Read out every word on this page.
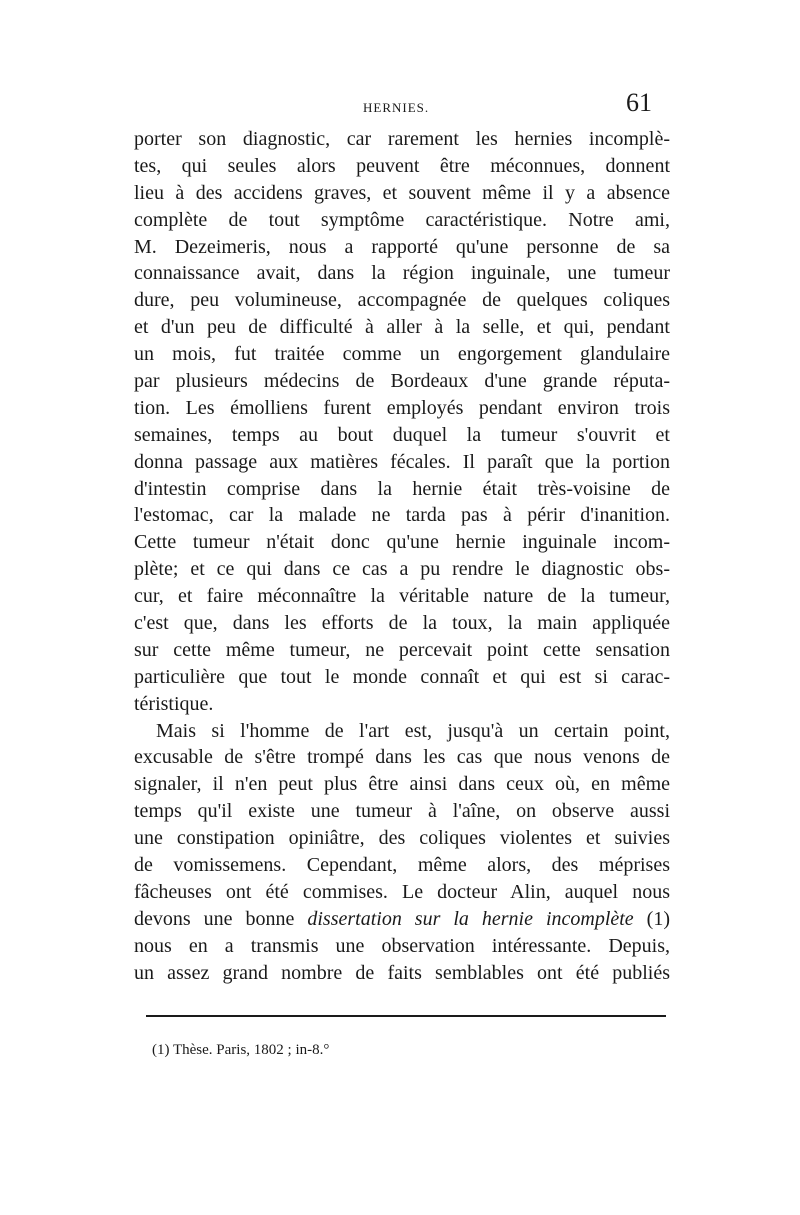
HERNIES.	61
porter son diagnostic, car rarement les hernies incomplè-
tes, qui seules alors peuvent être méconnues, donnent
lieu à des accidens graves, et souvent même il y a absence
complète de tout symptôme caractéristique. Notre ami,
M. Dezeimeris, nous a rapporté qu'une personne de sa
connaissance avait, dans la région inguinale, une tumeur
dure, peu volumineuse, accompagnée de quelques coliques
et d'un peu de difficulté à aller à la selle, et qui, pendant
un mois, fut traitée comme un engorgement glandulaire
par plusieurs médecins de Bordeaux d'une grande réputa-
tion. Les émolliens furent employés pendant environ trois
semaines, temps au bout duquel la tumeur s'ouvrit et
donna passage aux matières fécales. Il paraît que la portion
d'intestin comprise dans la hernie était très-voisine de
l'estomac, car la malade ne tarda pas à périr d'inanition.
Cette tumeur n'était donc qu'une hernie inguinale incom-
plète; et ce qui dans ce cas a pu rendre le diagnostic obs-
cur, et faire méconnaître la véritable nature de la tumeur,
c'est que, dans les efforts de la toux, la main appliquée
sur cette même tumeur, ne percevait point cette sensation
particulière que tout le monde connaît et qui est si carac-
téristique.
Mais si l'homme de l'art est, jusqu'à un certain point,
excusable de s'être trompé dans les cas que nous venons de
signaler, il n'en peut plus être ainsi dans ceux où, en même
temps qu'il existe une tumeur à l'aîne, on observe aussi
une constipation opiniâtre, des coliques violentes et suivies
de vomissemens. Cependant, même alors, des méprises
fâcheuses ont été commises. Le docteur Alin, auquel nous
devons une bonne dissertation sur la hernie incomplète (1)
nous en a transmis une observation intéressante. Depuis,
un assez grand nombre de faits semblables ont été publiés
(1) Thèse. Paris, 1802 ; in-8.°
